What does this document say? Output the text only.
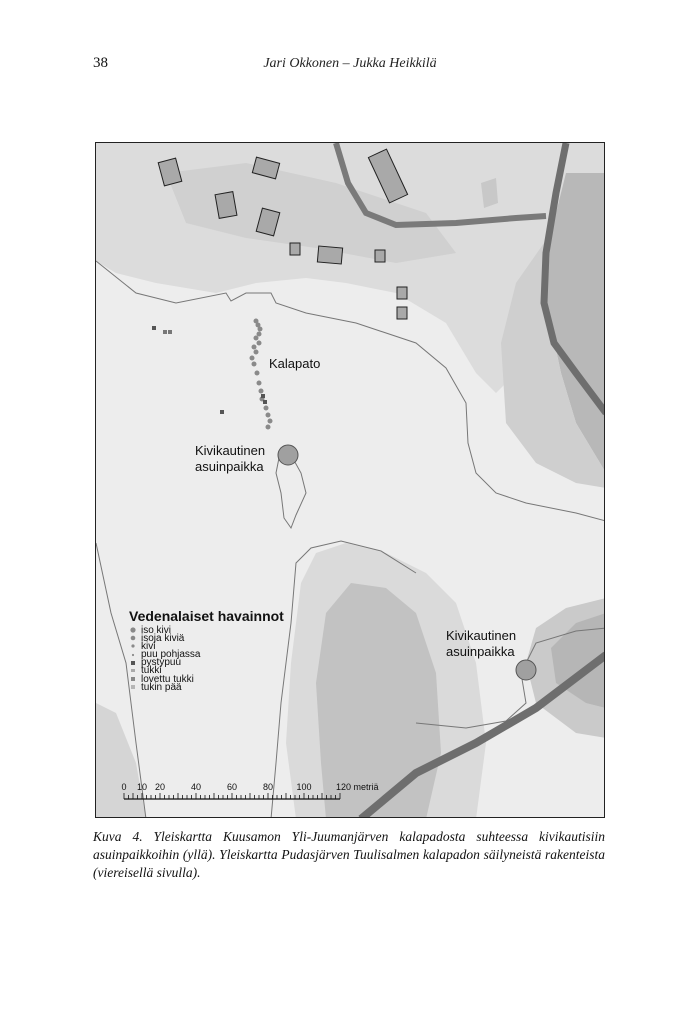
38	Jari Okkonen – Jukka Heikkilä
Kalapato
Kivikautinen
asuinpaikka
Kivikautinen
asuinpaikka
Vedenalaiset havainnot
iso kivi
isoja kiviä
kivi
puu pohjassa
pystypuu
tukki
lovettu tukki
tukin pää
0 10 20	40	60	80	100	120 metriä
Kuva 4. Yleiskartta Kuusamon Yli-Juumanjärven kalapadosta suhteessa kivikautisiin asuinpaikkoihin (yllä). Yleiskartta Pudasjärven Tuulisalmen kalapadon säilyneistä rakenteista (viereisellä sivulla).
